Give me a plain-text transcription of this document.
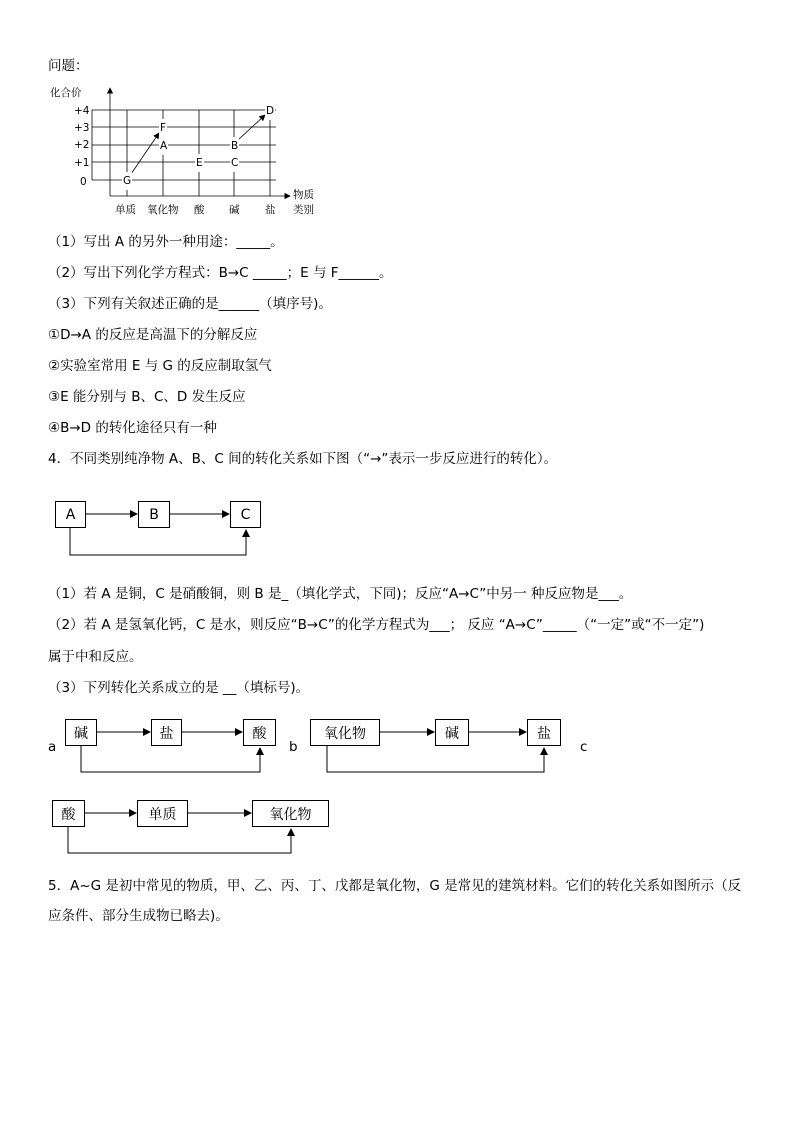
问题：
化合价
物质
类别
+4
+3
+2
+1
0
单质 氧化物 酸 碱 盐
D
F
A	B
E	C
G
（1）写出 A 的另外一种用途：_____。
（2）写出下列化学方程式：B→C _____；E 与 F______。
（3）下列有关叙述正确的是______（填序号)。
①D→A 的反应是高温下的分解反应
②实验室常用 E 与 G 的反应制取氢气
③E 能分别与 B、C、D 发生反应
④B→D 的转化途径只有一种
4．不同类别纯净物 A、B、C 间的转化关系如下图（“→”表示一步反应进行的转化）。
A	B	C
（1）若 A 是铜，C 是硝酸铜，则 B 是_（填化学式，下同)；反应“A→C”中另一 种反应物是___。
（2）若 A 是氢氧化钙，C 是水，则反应“B→C”的化学方程式为___； 反应 “A→C”_____（“一定”或“不一定”)
属于中和反应。
（3）下列转化关系成立的是 __（填标号)。
a
碱	盐	酸
b
氧化物	碱	盐
c
酸	单质	氧化物
5．A~G 是初中常见的物质，甲、乙、丙、丁、戊都是氧化物，G 是常见的建筑材料。它们的转化关系如图所示（反
应条件、部分生成物已略去)。
